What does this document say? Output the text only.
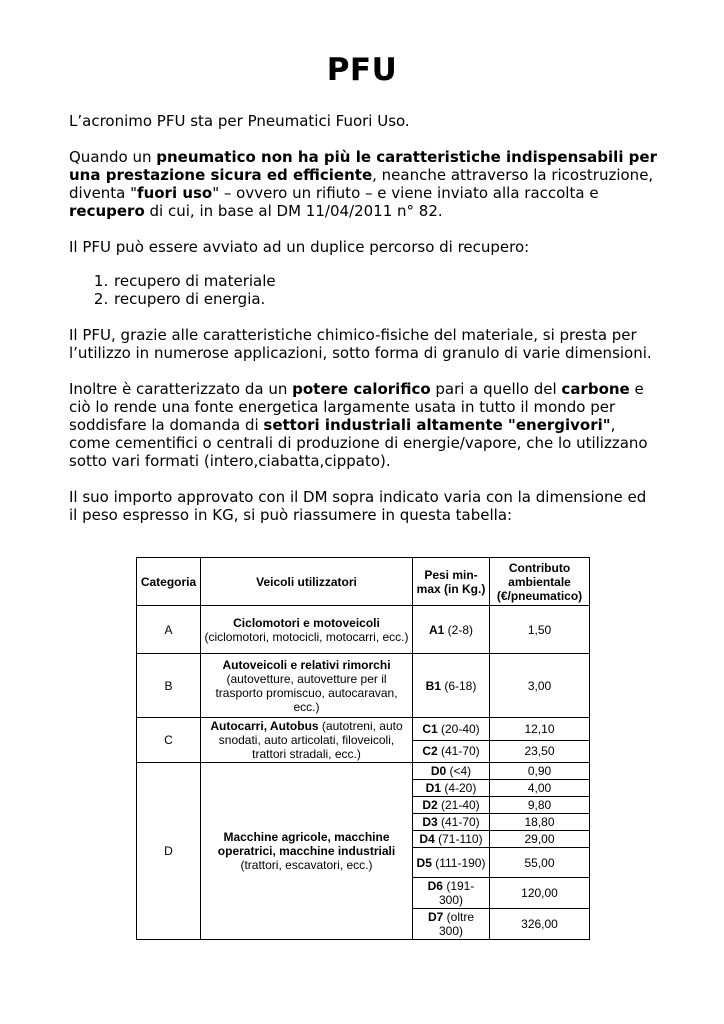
PFU

L’acronimo PFU sta per Pneumatici Fuori Uso.

Quando un pneumatico non ha più le caratteristiche indispensabili per una prestazione sicura ed efficiente, neanche attraverso la ricostruzione, diventa "fuori uso" – ovvero un rifiuto – e viene inviato alla raccolta e recupero di cui, in base al DM 11/04/2011 n° 82.

Il PFU può essere avviato ad un duplice percorso di recupero:

1. recupero di materiale
2. recupero di energia.

Il PFU, grazie alle caratteristiche chimico-fisiche del materiale, si presta per l’utilizzo in numerose applicazioni, sotto forma di granulo di varie dimensioni.

Inoltre è caratterizzato da un potere calorifico pari a quello del carbone e ciò lo rende una fonte energetica largamente usata in tutto il mondo per soddisfare la domanda di settori industriali altamente "energivori", come cementifici o centrali di produzione di energie/vapore, che lo utilizzano sotto vari formati (intero,ciabatta,cippato).

Il suo importo approvato con il DM sopra indicato varia con la dimensione ed il peso espresso in KG, si può riassumere in questa tabella:

Categoria	Veicoli utilizzatori	Pesi min-max (in Kg.)	Contributo ambientale (€/pneumatico)
A	Ciclomotori e motoveicoli (ciclomotori, motocicli, motocarri, ecc.)	A1 (2-8)	1,50
B	Autoveicoli e relativi rimorchi (autovetture, autovetture per il trasporto promiscuo, autocaravan, ecc.)	B1 (6-18)	3,00
C	Autocarri, Autobus (autotreni, auto snodati, auto articolati, filoveicoli, trattori stradali, ecc.)	C1 (20-40)	12,10
		C2 (41-70)	23,50
D	Macchine agricole, macchine operatrici, macchine industriali (trattori, escavatori, ecc.)	D0 (<4)	0,90
		D1 (4-20)	4,00
		D2 (21-40)	9,80
		D3 (41-70)	18,80
		D4 (71-110)	29,00
		D5 (111-190)	55,00
		D6 (191-300)	120,00
		D7 (oltre 300)	326,00
